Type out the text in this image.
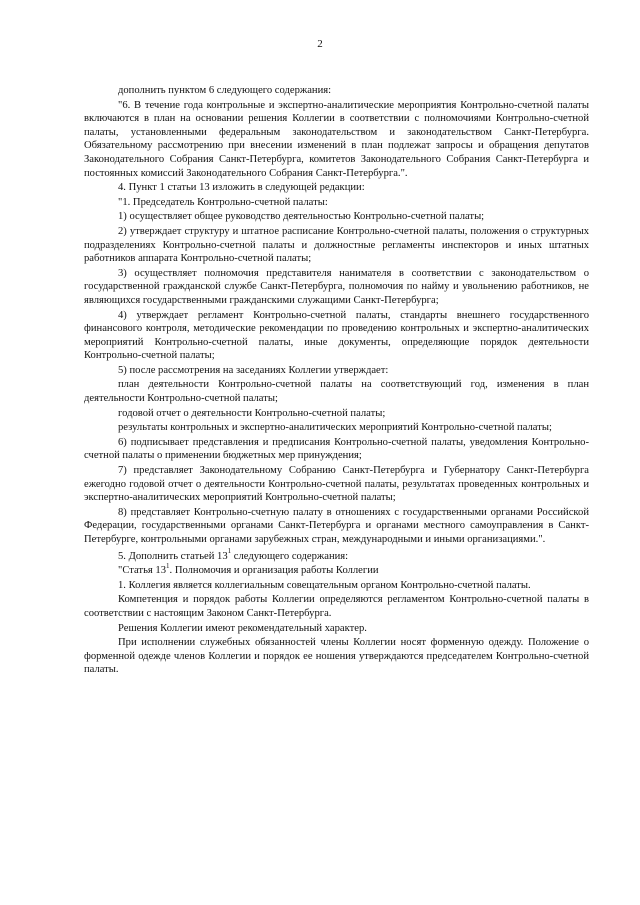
2

дополнить пунктом 6 следующего содержания:

"6. В течение года контрольные и экспертно-аналитические мероприятия Контрольно-счетной палаты включаются в план на основании решения Коллегии в соответствии с полномочиями Контрольно-счетной палаты, установленными федеральным законодательством и законодательством Санкт-Петербурга. Обязательному рассмотрению при внесении изменений в план подлежат запросы и обращения депутатов Законодательного Собрания Санкт-Петербурга, комитетов Законодательного Собрания Санкт-Петербурга и постоянных комиссий Законодательного Собрания Санкт-Петербурга.".

4. Пункт 1 статьи 13 изложить в следующей редакции:

"1. Председатель Контрольно-счетной палаты:

1) осуществляет общее руководство деятельностью Контрольно-счетной палаты;

2) утверждает структуру и штатное расписание Контрольно-счетной палаты, положения о структурных подразделениях Контрольно-счетной палаты и должностные регламенты инспекторов и иных штатных работников аппарата Контрольно-счетной палаты;

3) осуществляет полномочия представителя нанимателя в соответствии с законодательством о государственной гражданской службе Санкт-Петербурга, полномочия по найму и увольнению работников, не являющихся государственными гражданскими служащими Санкт-Петербурга;

4) утверждает регламент Контрольно-счетной палаты, стандарты внешнего государственного финансового контроля, методические рекомендации по проведению контрольных и экспертно-аналитических мероприятий Контрольно-счетной палаты, иные документы, определяющие порядок деятельности Контрольно-счетной палаты;

5) после рассмотрения на заседаниях Коллегии утверждает:

план деятельности Контрольно-счетной палаты на соответствующий год, изменения в план деятельности Контрольно-счетной палаты;

годовой отчет о деятельности Контрольно-счетной палаты;

результаты контрольных и экспертно-аналитических мероприятий Контрольно-счетной палаты;

6) подписывает представления и предписания Контрольно-счетной палаты, уведомления Контрольно-счетной палаты о применении бюджетных мер принуждения;

7) представляет Законодательному Собранию Санкт-Петербурга и Губернатору Санкт-Петербурга ежегодно годовой отчет о деятельности Контрольно-счетной палаты, результатах проведенных контрольных и экспертно-аналитических мероприятий Контрольно-счетной палаты;

8) представляет Контрольно-счетную палату в отношениях с государственными органами Российской Федерации, государственными органами Санкт-Петербурга и органами местного самоуправления в Санкт-Петербурге, контрольными органами зарубежных стран, международными и иными организациями.".

5. Дополнить статьей $13^1$ следующего содержания:

"Статья $13^1$. Полномочия и организация работы Коллегии

1. Коллегия является коллегиальным совещательным органом Контрольно-счетной палаты.

Компетенция и порядок работы Коллегии определяются регламентом Контрольно-счетной палаты в соответствии с настоящим Законом Санкт-Петербурга.

Решения Коллегии имеют рекомендательный характер.

При исполнении служебных обязанностей члены Коллегии носят форменную одежду. Положение о форменной одежде членов Коллегии и порядок ее ношения утверждаются председателем Контрольно-счетной палаты.
